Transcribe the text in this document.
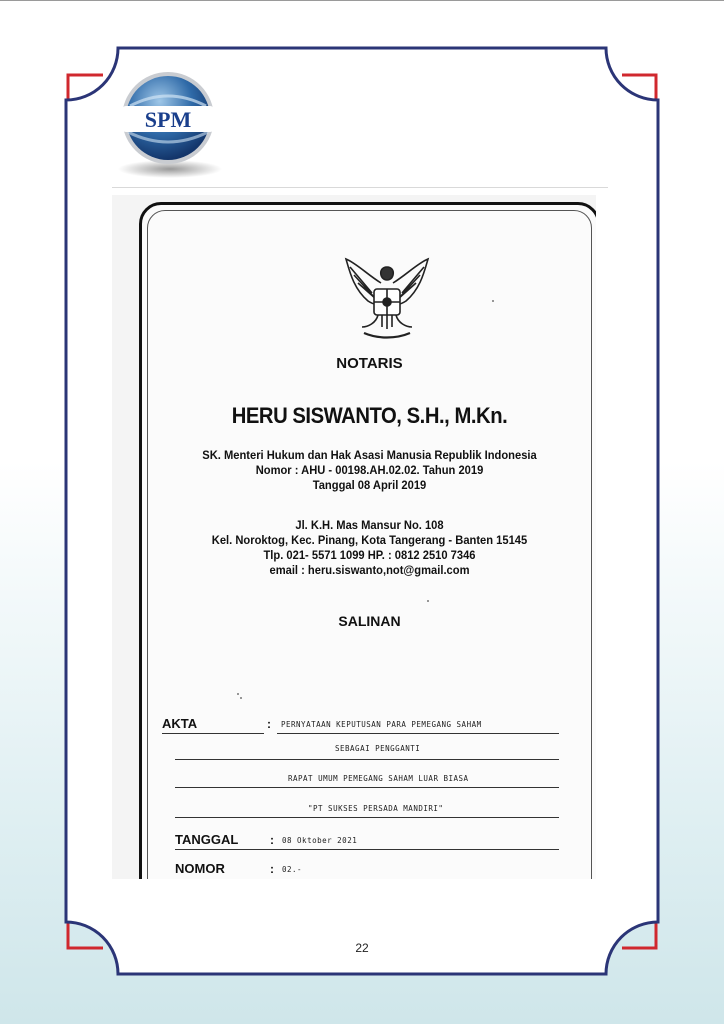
SPM
NOTARIS
HERU SISWANTO, S.H., M.Kn.
SK. Menteri Hukum dan Hak Asasi Manusia Republik Indonesia
Nomor : AHU - 00198.AH.02.02. Tahun 2019
Tanggal 08 April 2019
Jl. K.H. Mas Mansur No. 108
Kel. Noroktog, Kec. Pinang, Kota Tangerang - Banten 15145
Tlp. 021- 5571 1099 HP. : 0812 2510 7346
email : heru.siswanto,not@gmail.com
SALINAN
AKTA	: PERNYATAAN KEPUTUSAN PARA PEMEGANG SAHAM
SEBAGAI PENGGANTI
RAPAT UMUM PEMEGANG SAHAM LUAR BIASA
"PT SUKSES PERSADA MANDIRI"
TANGGAL	: 08 Oktober 2021
NOMOR	: 02.-
22
